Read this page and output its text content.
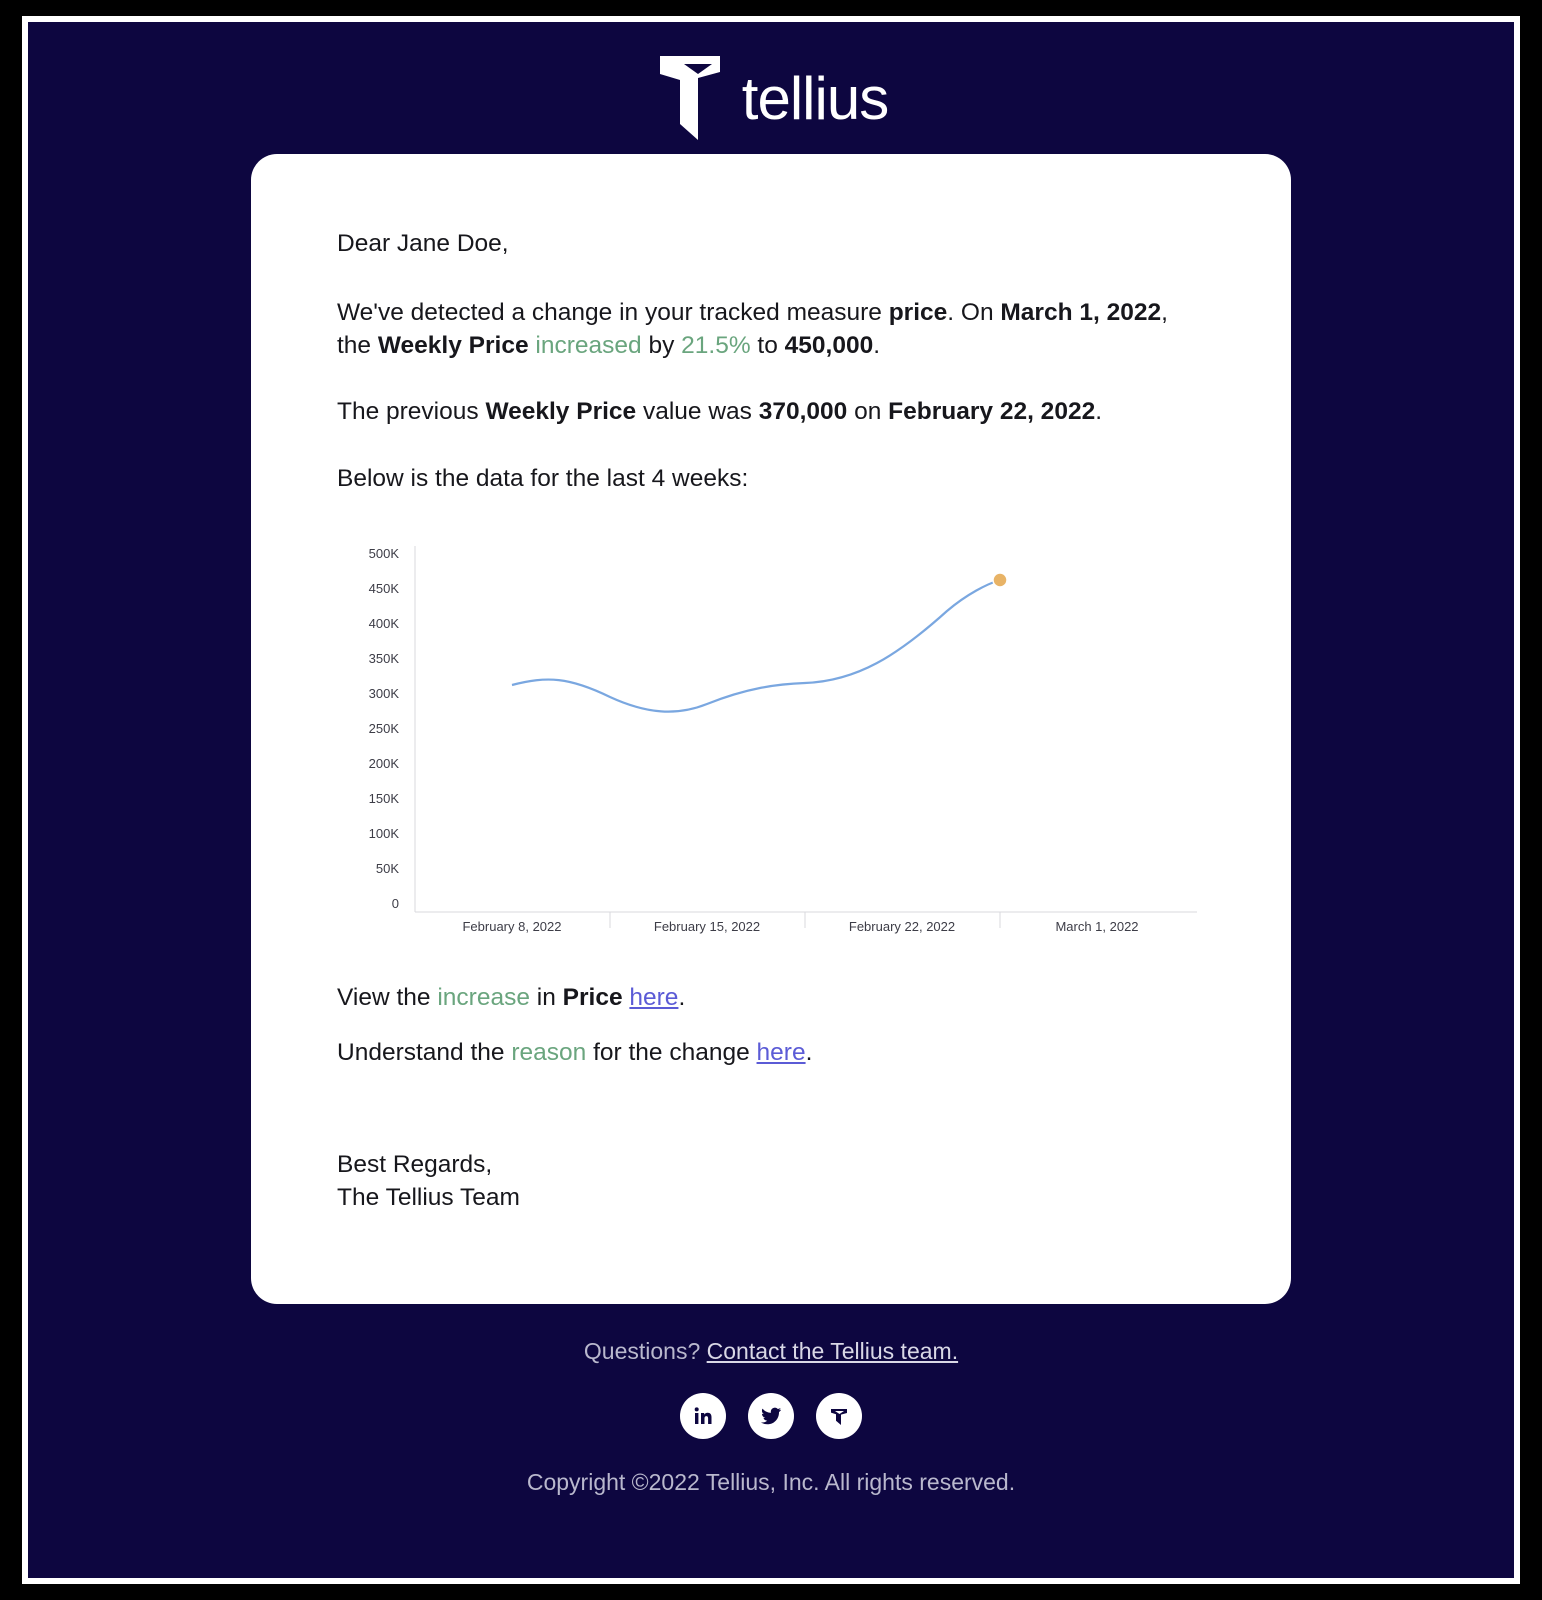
tellius

Dear Jane Doe,

We've detected a change in your tracked measure price. On March 1, 2022,
the Weekly Price increased by 21.5% to 450,000.

The previous Weekly Price value was 370,000 on February 22, 2022.

Below is the data for the last 4 weeks:

500K
450K
400K
350K
300K
250K
200K
150K
100K
50K
0
February 8, 2022	February 15, 2022	February 22, 2022	March 1, 2022

View the increase in Price here.

Understand the reason for the change here.

Best Regards,
The Tellius Team
Questions? Contact the Tellius team.
Copyright ©2022 Tellius, Inc. All rights reserved.
